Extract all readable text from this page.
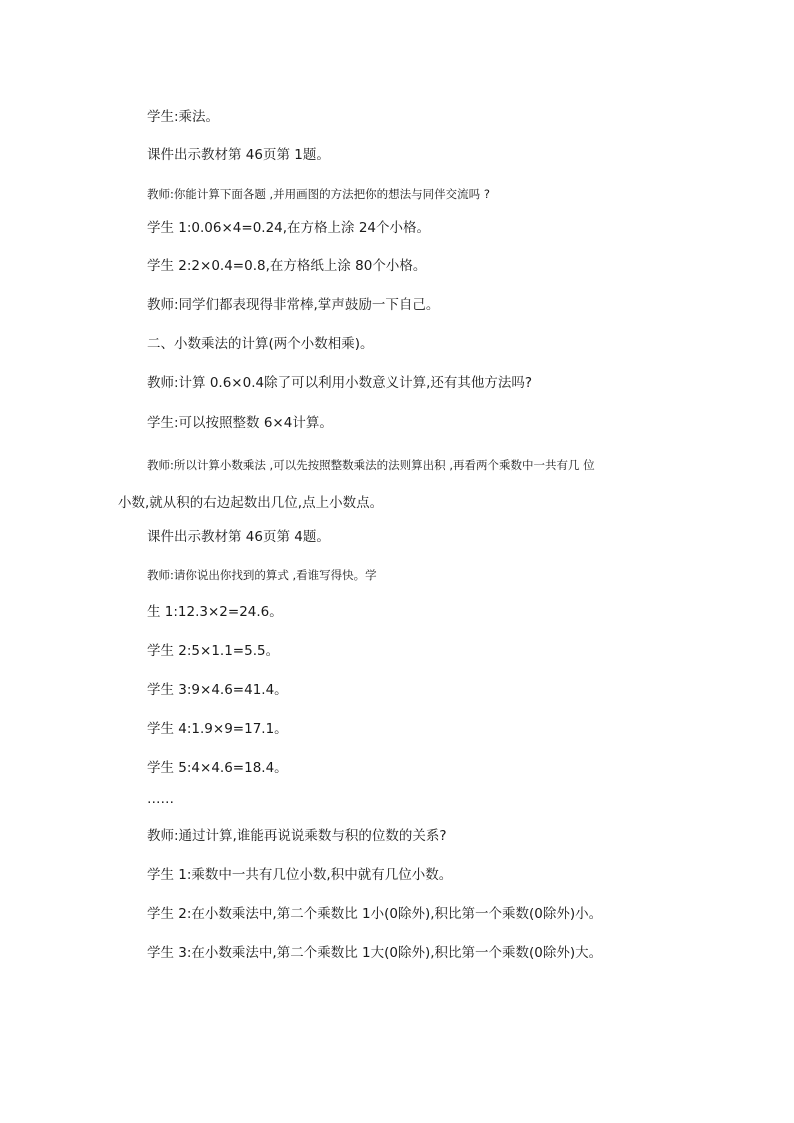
学生:乘法。
课件出示教材第 46页第 1题。
教师:你能计算下面各题 ,并用画图的方法把你的想法与同伴交流吗 ?
学生 1:0.06×4=0.24,在方格上涂 24个小格。
学生 2:2×0.4=0.8,在方格纸上涂 80个小格。
教师:同学们都表现得非常棒,掌声鼓励一下自己。
二、小数乘法的计算(两个小数相乘)。
教师:计算 0.6×0.4除了可以利用小数意义计算,还有其他方法吗?
学生:可以按照整数 6×4计算。
教师:所以计算小数乘法 ,可以先按照整数乘法的法则算出积 ,再看两个乘数中一共有几 位
小数,就从积的右边起数出几位,点上小数点。
课件出示教材第 46页第 4题。
教师:请你说出你找到的算式 ,看谁写得快。学
生 1:12.3×2=24.6。
学生 2:5×1.1=5.5。
学生 3:9×4.6=41.4。
学生 4:1.9×9=17.1。
学生 5:4×4.6=18.4。
……
教师:通过计算,谁能再说说乘数与积的位数的关系?
学生 1:乘数中一共有几位小数,积中就有几位小数。
学生 2:在小数乘法中,第二个乘数比 1小(0除外),积比第一个乘数(0除外)小。
学生 3:在小数乘法中,第二个乘数比 1大(0除外),积比第一个乘数(0除外)大。
